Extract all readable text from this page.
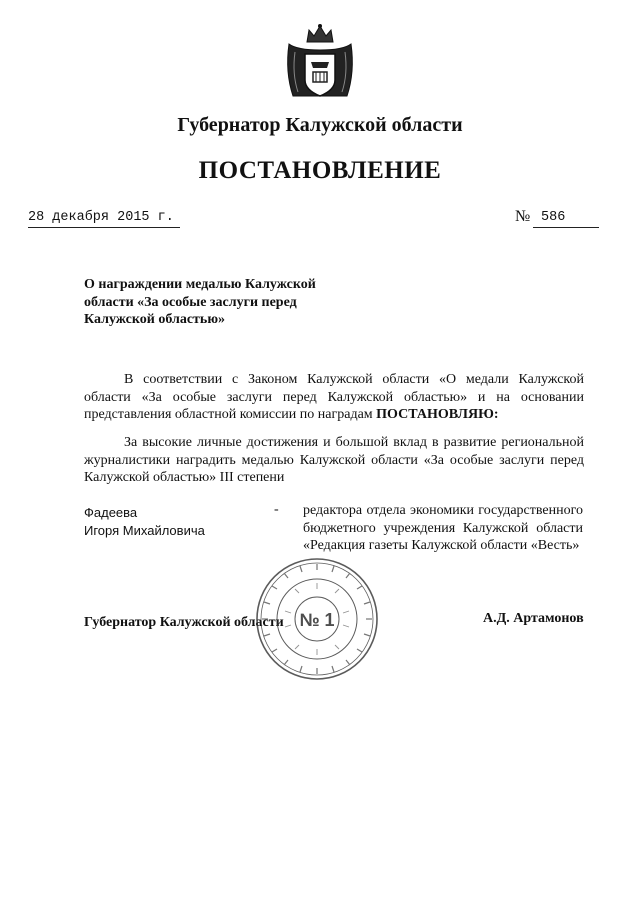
Губернатор Калужской области
ПОСТАНОВЛЕНИЕ
28 декабря 2015 г.	№ 586
О награждении медалью Калужской области «За особые заслуги перед Калужской областью»
В соответствии с Законом Калужской области «О медали Калужской области «За особые заслуги перед Калужской областью» и на основании представления областной комиссии по наградам ПОСТАНОВЛЯЮ:
За высокие личные достижения и большой вклад в развитие региональной журналистики наградить медалью Калужской области «За особые заслуги перед Калужской областью» III степени
Фадеева
Игоря Михайловича
- редактора отдела экономики государственного бюджетного учреждения Калужской области «Редакция газеты Калужской области «Весть»
Губернатор Калужской области	А.Д. Артамонов
№ 1
